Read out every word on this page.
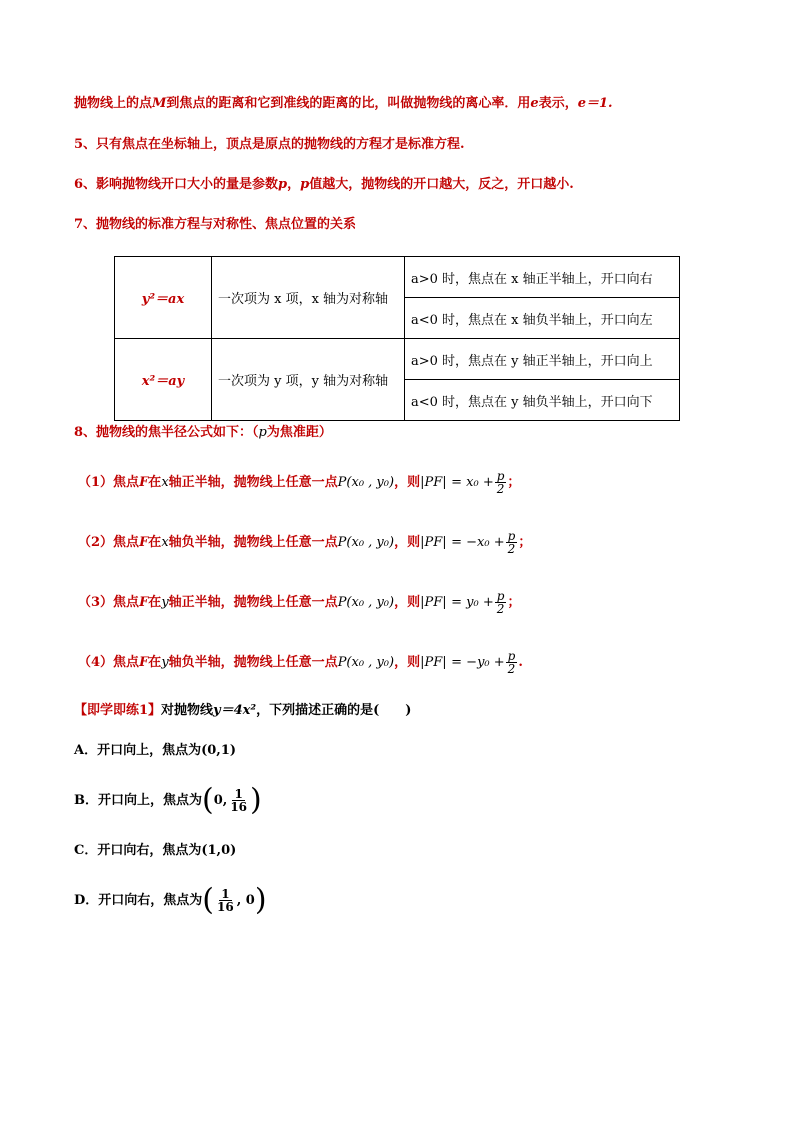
抛物线上的点M到焦点的距离和它到准线的距离的比，叫做抛物线的离心率．用e表示，e＝1.
5、只有焦点在坐标轴上，顶点是原点的抛物线的方程才是标准方程.
6、影响抛物线开口大小的量是参数p，p值越大，抛物线的开口越大，反之，开口越小.
7、抛物线的标准方程与对称性、焦点位置的关系
y²＝ax	一次项为 x 项，x 轴为对称轴	a>0 时，焦点在 x 轴正半轴上，开口向右
		a<0 时，焦点在 x 轴负半轴上，开口向左
x²＝ay	一次项为 y 项，y 轴为对称轴	a>0 时，焦点在 y 轴正半轴上，开口向上
		a<0 时，焦点在 y 轴负半轴上，开口向下
8、抛物线的焦半径公式如下：（p为焦准距）
（1）焦点F在x轴正半轴，抛物线上任意一点P(x₀ , y₀)，则$|PF| = x_0 + \frac{p}{2}$ ；
（2）焦点F在x轴负半轴，抛物线上任意一点P(x₀ , y₀)，则$|PF| = -x_0 + \frac{p}{2}$ ；
（3）焦点F在y轴正半轴，抛物线上任意一点P(x₀ , y₀)，则$|PF| = y_0 + \frac{p}{2}$ ；
（4）焦点F在y轴负半轴，抛物线上任意一点P(x₀ , y₀)，则$|PF| = -y_0 + \frac{p}{2}$ .
【即学即练1】对抛物线y＝4x²，下列描述正确的是(　　)
A．开口向上，焦点为(0,1)
B．开口向上，焦点为(0, $\frac{1}{16}$ )
C．开口向右，焦点为(1,0)
D．开口向右，焦点为( $\frac{1}{16}$ , 0)
